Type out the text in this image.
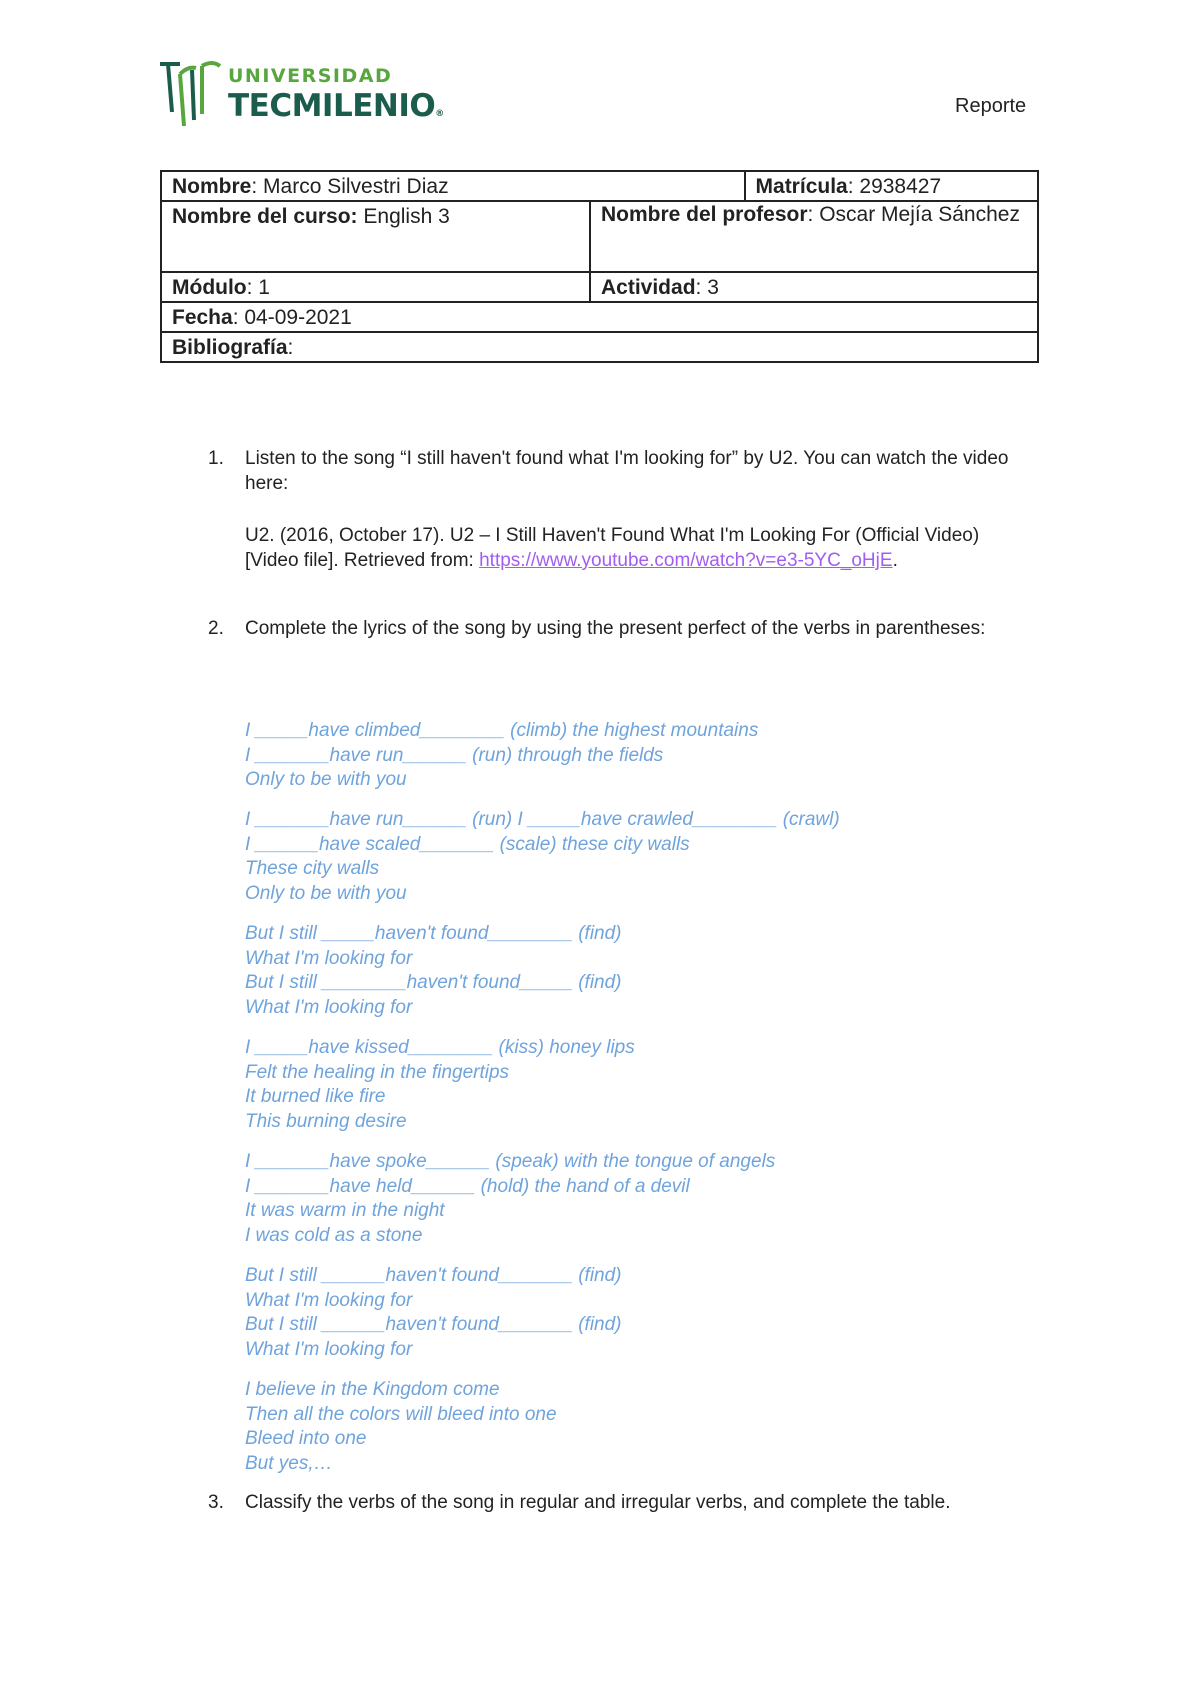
UNIVERSIDAD
TECMILENIO®	Reporte
Nombre: Marco Silvestri Diaz		Matrícula: 2938427
Nombre del curso: English 3	Nombre del profesor: Oscar Mejía Sánchez	

Módulo: 1	Actividad: 3	
Fecha: 04-09-2021		
Bibliografía:		
1. Listen to the song “I still haven't found what I'm looking for” by U2. You can watch the video here:
U2. (2016, October 17). U2 – I Still Haven't Found What I'm Looking For (Official Video) [Video file]. Retrieved from: https://www.youtube.com/watch?v=e3-5YC_oHjE.
2. Complete the lyrics of the song by using the present perfect of the verbs in parentheses:
I _____have climbed________ (climb) the highest mountains
I _______have run______ (run) through the fields
Only to be with you
I _______have run______ (run) I _____have crawled________ (crawl)
I ______have scaled_______ (scale) these city walls
These city walls
Only to be with you
But I still _____haven't found________ (find)
What I'm looking for
But I still ________haven't found_____ (find)
What I'm looking for
I _____have kissed________ (kiss) honey lips
Felt the healing in the fingertips
It burned like fire
This burning desire
I _______have spoke______ (speak) with the tongue of angels
I _______have held______ (hold) the hand of a devil
It was warm in the night
I was cold as a stone
But I still ______haven't found_______ (find)
What I'm looking for
But I still ______haven't found_______ (find)
What I'm looking for
I believe in the Kingdom come
Then all the colors will bleed into one
Bleed into one
But yes,…
3. Classify the verbs of the song in regular and irregular verbs, and complete the table.
